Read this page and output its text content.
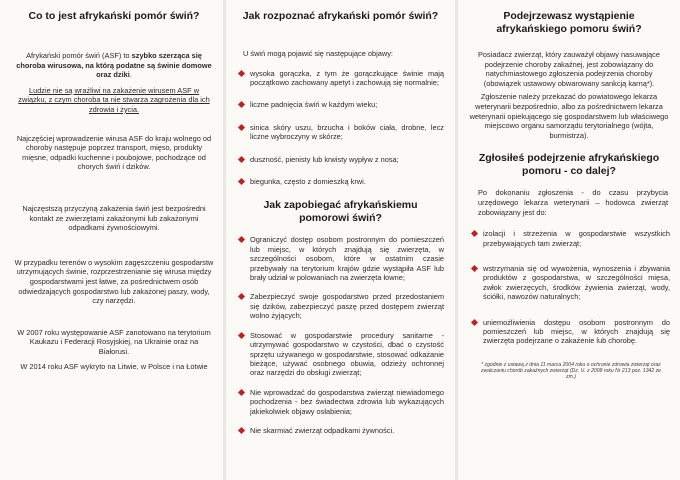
Co to jest afrykański pomór świń?

Afrykański pomór świń (ASF) to szybko szerząca się choroba wirusowa, na którą podatne są świnie domowe oraz dziki.

Ludzie nie są wrażliwi na zakażenie wirusem ASF w związku, z czym choroba ta nie stwarza zagrożenia dla ich zdrowia i życia.

Najczęściej wprowadzenie wirusa ASF do kraju wolnego od choroby następuje poprzez transport, mięso, produkty mięsne, odpadki kuchenne i poubojowe, pochodzące od chorych świń i dzików.

Najczęstszą przyczyną zakażenia świń jest bezpośredni kontakt ze zwierzętami zakażonymi lub zakażonymi odpadkami żywnościowymi.

W przypadku terenów o wysokim zagęszczeniu gospodarstw utrzymujących świnie, rozprzestrzenianie się wirusa między gospodarstwami jest łatwe, za pośrednictwem osób odwiedzających gospodarstwo lub zakażonej paszy, wody, czy narzędzi.

W 2007 roku występowanie ASF zanotowano na terytorium Kaukazu i Federacji Rosyjskiej, na Ukrainie oraz na Białorusi.

W 2014 roku ASF wykryto na Litwie, w Polsce i na Łotwie

Jak rozpoznać afrykański pomór świń?

U świń mogą pojawić się następujące objawy:

wysoka gorączka, z tym że gorączkujące świnie mają początkowo zachowany apetyt i zachowują się normalnie;
liczne padnięcia świń w każdym wieku;
sinica skóry uszu, brzucha i boków ciała, drobne, lecz liczne wybroczyny w skórze;
duszność, pienisty lub krwisty wypływ z nosa;
biegunka, często z domieszką krwi.
Jak zapobiegać afrykańskiemu pomorowi świń?
Ograniczyć dostęp osobom postronnym do pomieszczeń lub miejsc, w których znajdują się zwierzęta, w szczególności osobom, które w ostatnim czasie przebywały na terytorium krajów gdzie wystąpiła ASF lub brały udział w polowaniach na zwierzęta łowne;
Zabezpieczyć swoje gospodarstwo przed przedostaniem się dzików, zabezpieczyć paszę przed dostępem zwierząt wolno żyjących;
Stosować w gospodarstwie procedury sanitarne - utrzymywać gospodarstwo w czystości, dbać o czystość sprzętu używanego w gospodarstwie, stosować odkażanie bieżące, używać osobnego obuwia, odzieży ochronnej oraz narzędzi do obsługi zwierząt;
Nie wprowadzać do gospodarstwa zwierząt niewiadomego pochodzenia - bez świadectwa zdrowia lub wykazujących jakiekolwiek objawy osłabienia;
Nie skarmiać zwierząt odpadkami żywności.
Podejrzewasz wystąpienie afrykańskiego pomoru świń?

Posiadacz zwierząt, który zauważył objawy nasuwające podejrzenie choroby zakaźnej, jest zobowiązany do natychmiastowego zgłoszenia podejrzenia choroby (obowiązek ustawowy obwarowany sankcją karną*).

Zgłoszenie należy przekazać do powiatowego lekarza weterynarii bezpośrednio, albo za pośrednictwem lekarza weterynarii opiekującego się gospodarstwem lub właściwego miejscowo organu samorządu terytorialnego (wójta, burmistrza).

Zgłosiłeś podejrzenie afrykańskiego pomoru - co dalej?

Po dokonaniu zgłoszenia - do czasu przybycia urzędowego lekarza weterynarii – hodowca zwierząt zobowiązany jest do:

izolacji i strzeżenia w gospodarstwie wszystkich przebywających tam zwierząt;
wstrzymania się od wywożenia, wynoszenia i zbywania produktów z gospodarstwa, w szczególności mięsa, zwłok zwierzęcych, środków żywienia zwierząt, wody, ściółki, nawozów naturalnych;
uniemożliwienia dostępu osobom postronnym do pomieszczeń lub miejsc, w których znajdują się zwierzęta podejrzane o zakażenie lub chorobę.

* zgodnie z ustawą z dnia 11 marca 2004 roku o ochronie zdrowia zwierząt oraz zwalczaniu chorób zakaźnych zwierząt (Dz. U. z 2008 roku Nr 213 poz. 1342 ze zm.)
